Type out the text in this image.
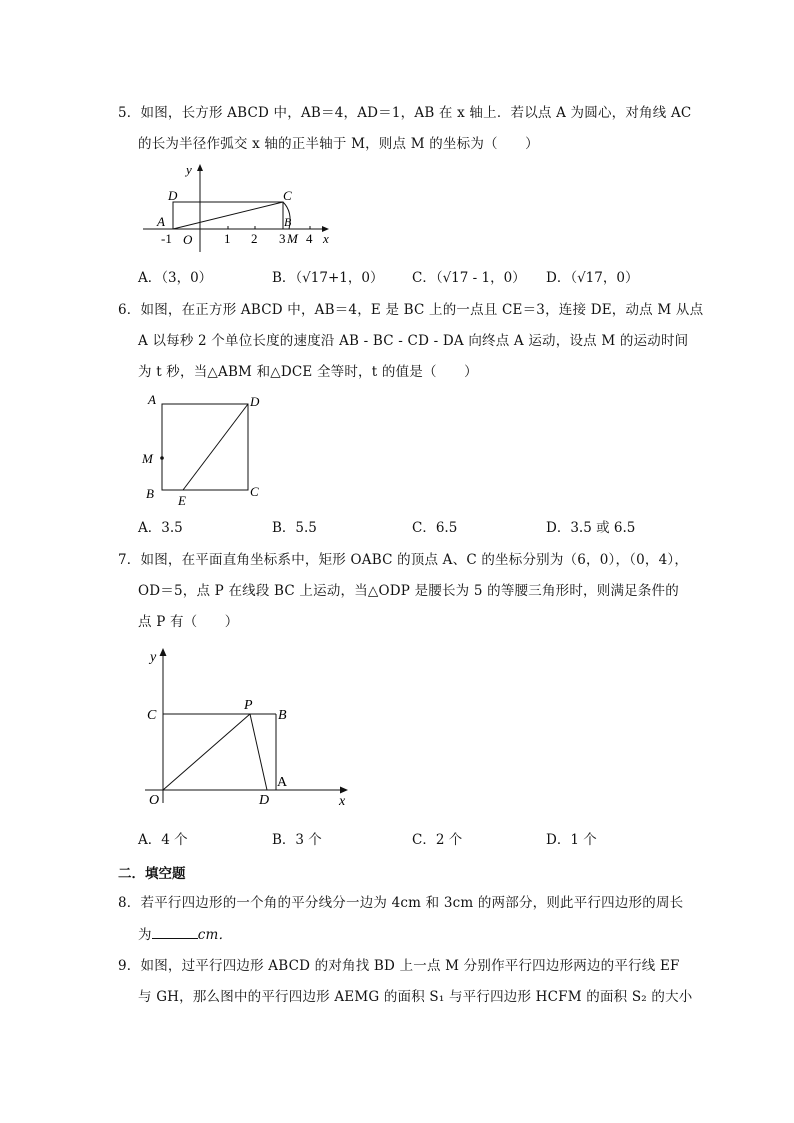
5．如图，长方形 ABCD 中，AB＝4，AD＝1，AB 在 x 轴上．若以点 A 为圆心，对角线 AC
的长为半径作弧交 x 轴的正半轴于 M，则点 M 的坐标为（　　）
y
D	C
A	B
-1 O 1 2 3 M 4 x
A．（3，0）	B．（√17+1，0） C．（√17 - 1，0） D．（√17，0）
6．如图，在正方形 ABCD 中，AB＝4，E 是 BC 上的一点且 CE＝3，连接 DE，动点 M 从点
A 以每秒 2 个单位长度的速度沿 AB - BC - CD - DA 向终点 A 运动，设点 M 的运动时间
为 t 秒，当△ABM 和△DCE 全等时，t 的值是（　　）
A	D
M
B E
C
A．3.5	B．5.5	C．6.5	D．3.5 或 6.5
7．如图，在平面直角坐标系中，矩形 OABC 的顶点 A、C 的坐标分别为（6，0），（0，4），
OD＝5，点 P 在线段 BC 上运动，当△ODP 是腰长为 5 的等腰三角形时，则满足条件的
点 P 有（　　）
y
C
P
B
A
O	D	x
A．4 个	B．3 个	C．2 个	D．1 个
二．填空题
8．若平行四边形的一个角的平分线分一边为 4cm 和 3cm 的两部分，则此平行四边形的周长
为	cm．
9．如图，过平行四边形 ABCD 的对角找 BD 上一点 M 分别作平行四边形两边的平行线 EF
与 GH，那么图中的平行四边形 AEMG 的面积 S₁ 与平行四边形 HCFM 的面积 S₂ 的大小
